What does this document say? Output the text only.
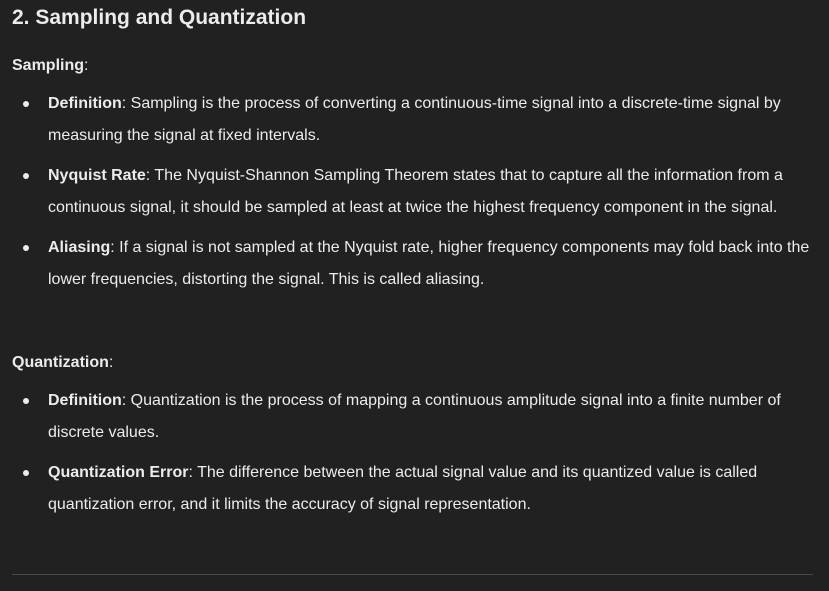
2. Sampling and Quantization
Sampling:
Definition: Sampling is the process of converting a continuous-time signal into a discrete-time signal by measuring the signal at fixed intervals.
Nyquist Rate: The Nyquist-Shannon Sampling Theorem states that to capture all the information from a continuous signal, it should be sampled at least at twice the highest frequency component in the signal.
Aliasing: If a signal is not sampled at the Nyquist rate, higher frequency components may fold back into the lower frequencies, distorting the signal. This is called aliasing.
Quantization:
Definition: Quantization is the process of mapping a continuous amplitude signal into a finite number of discrete values.
Quantization Error: The difference between the actual signal value and its quantized value is called quantization error, and it limits the accuracy of signal representation.
